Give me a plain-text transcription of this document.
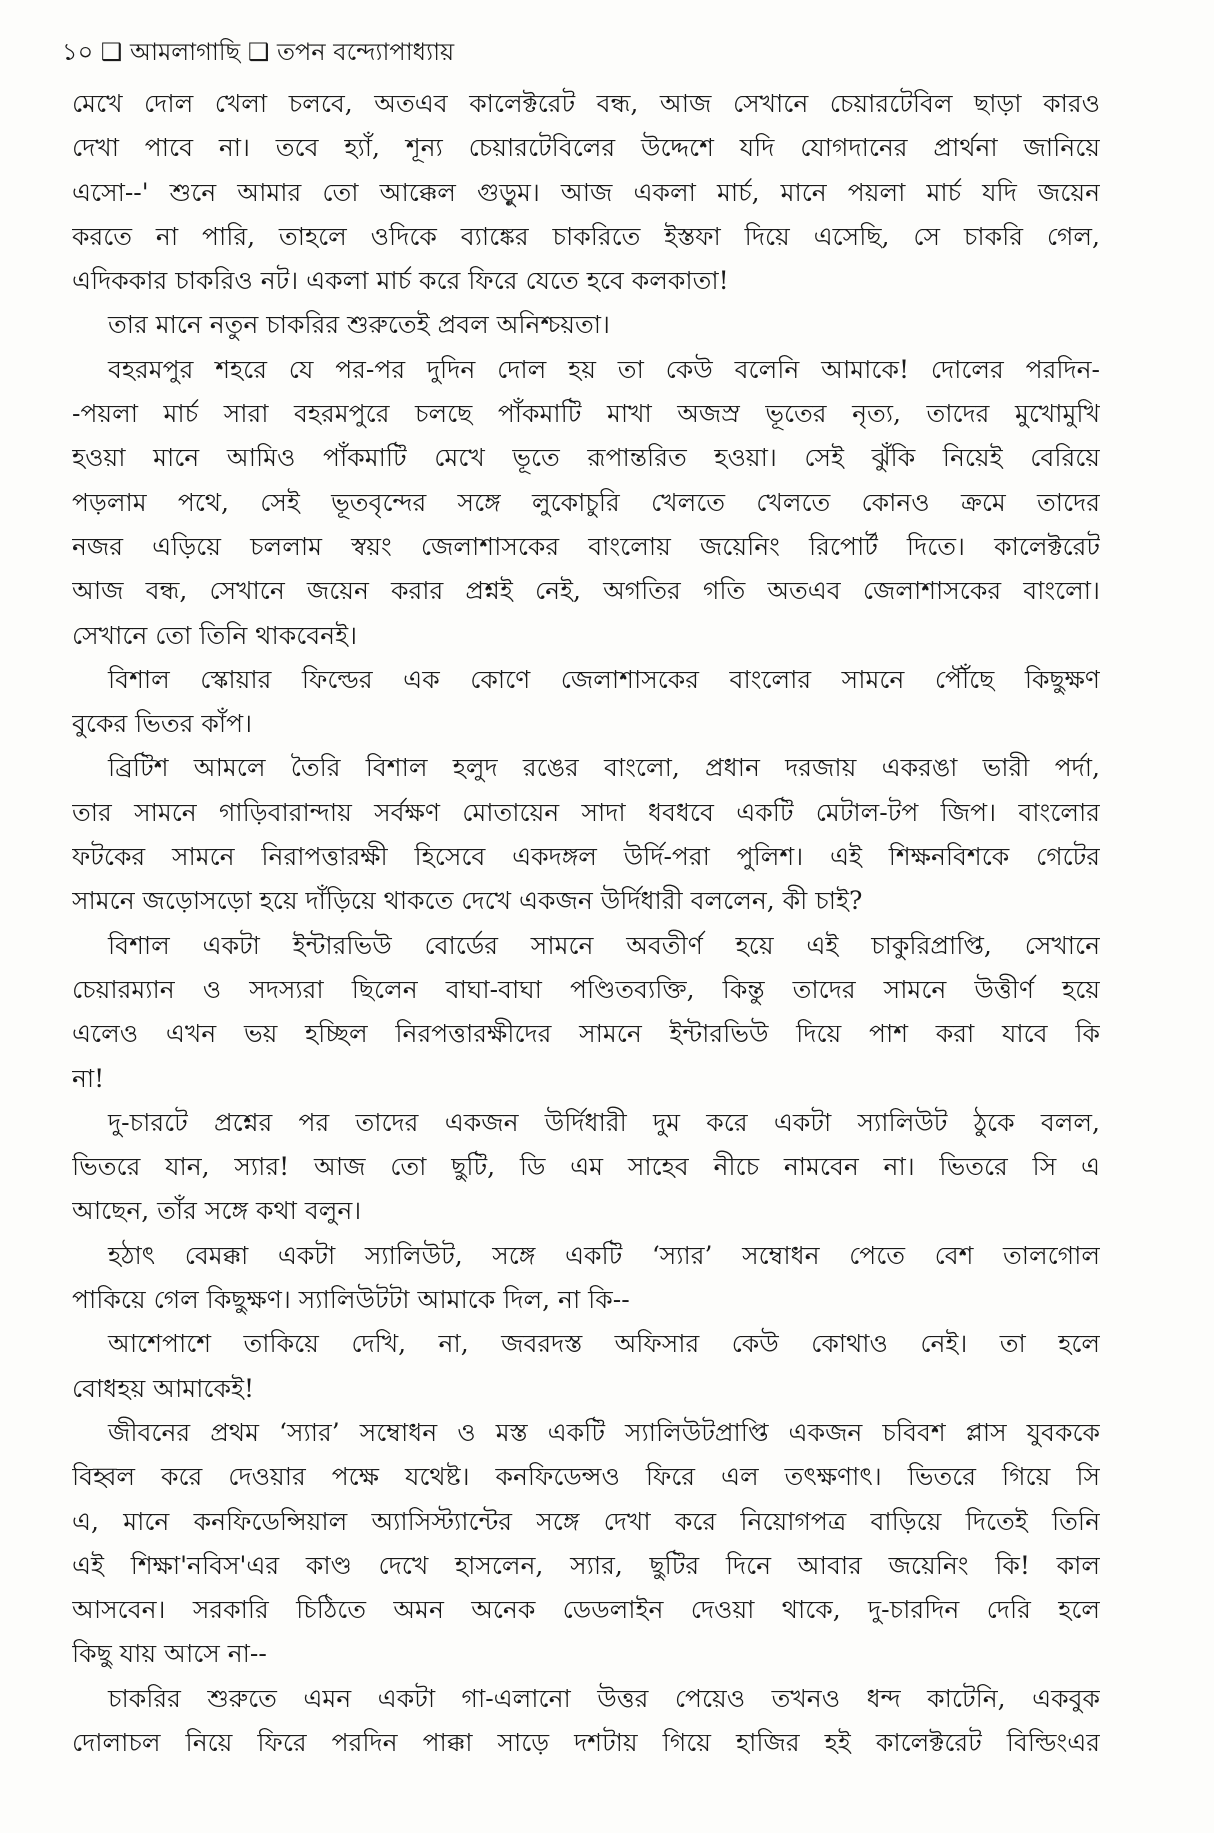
১০ ❑ আমলাগাছি ❑ তপন বন্দ্যোপাধ্যায়
মেখে দোল খেলা চলবে, অতএব কালেক্টরেট বন্ধ, আজ সেখানে চেয়ারটেবিল ছাড়া কারও
দেখা পাবে না। তবে হ্যাঁ, শূন্য চেয়ারটেবিলের উদ্দেশে যদি যোগদানের প্রার্থনা জানিয়ে
এসো--' শুনে আমার তো আক্কেল গুড়ুম। আজ একলা মার্চ, মানে পয়লা মার্চ যদি জয়েন
করতে না পারি, তাহলে ওদিকে ব্যাঙ্কের চাকরিতে ইস্তফা দিয়ে এসেছি, সে চাকরি গেল,
এদিককার চাকরিও নট। একলা মার্চ করে ফিরে যেতে হবে কলকাতা!
তার মানে নতুন চাকরির শুরুতেই প্রবল অনিশ্চয়তা।
বহরমপুর শহরে যে পর-পর দুদিন দোল হয় তা কেউ বলেনি আমাকে! দোলের পরদিন-
-পয়লা মার্চ সারা বহরমপুরে চলছে পাঁকমাটি মাখা অজস্র ভূতের নৃত্য, তাদের মুখোমুখি
হওয়া মানে আমিও পাঁকমাটি মেখে ভূতে রূপান্তরিত হওয়া। সেই ঝুঁকি নিয়েই বেরিয়ে
পড়লাম পথে, সেই ভূতবৃন্দের সঙ্গে লুকোচুরি খেলতে খেলতে কোনও ক্রমে তাদের
নজর এড়িয়ে চললাম স্বয়ং জেলাশাসকের বাংলোয় জয়েনিং রিপোর্ট দিতে। কালেক্টরেট
আজ বন্ধ, সেখানে জয়েন করার প্রশ্নই নেই, অগতির গতি অতএব জেলাশাসকের বাংলো।
সেখানে তো তিনি থাকবেনই।
বিশাল স্কোয়ার ফিল্ডের এক কোণে জেলাশাসকের বাংলোর সামনে পৌঁছে কিছুক্ষণ
বুকের ভিতর কাঁপ।
ব্রিটিশ আমলে তৈরি বিশাল হলুদ রঙের বাংলো, প্রধান দরজায় একরঙা ভারী পর্দা,
তার সামনে গাড়িবারান্দায় সর্বক্ষণ মোতায়েন সাদা ধবধবে একটি মেটাল-টপ জিপ। বাংলোর
ফটকের সামনে নিরাপত্তারক্ষী হিসেবে একদঙ্গল উর্দি-পরা পুলিশ। এই শিক্ষনবিশকে গেটের
সামনে জড়োসড়ো হয়ে দাঁড়িয়ে থাকতে দেখে একজন উর্দিধারী বললেন, কী চাই?
বিশাল একটা ইন্টারভিউ বোর্ডের সামনে অবতীর্ণ হয়ে এই চাকুরিপ্রাপ্তি, সেখানে
চেয়ারম্যান ও সদস্যরা ছিলেন বাঘা-বাঘা পণ্ডিতব্যক্তি, কিন্তু তাদের সামনে উত্তীর্ণ হয়ে
এলেও এখন ভয় হচ্ছিল নিরপত্তারক্ষীদের সামনে ইন্টারভিউ দিয়ে পাশ করা যাবে কি
না!
দু-চারটে প্রশ্নের পর তাদের একজন উর্দিধারী দুম করে একটা স্যালিউট ঠুকে বলল,
ভিতরে যান, স্যার! আজ তো ছুটি, ডি এম সাহেব নীচে নামবেন না। ভিতরে সি এ
আছেন, তাঁর সঙ্গে কথা বলুন।
হঠাৎ বেমক্কা একটা স্যালিউট, সঙ্গে একটি ‘স্যার’ সম্বোধন পেতে বেশ তালগোল
পাকিয়ে গেল কিছুক্ষণ। স্যালিউটটা আমাকে দিল, না কি--
আশেপাশে তাকিয়ে দেখি, না, জবরদস্ত অফিসার কেউ কোথাও নেই। তা হলে
বোধহয় আমাকেই!
জীবনের প্রথম ‘স্যার’ সম্বোধন ও মস্ত একটি স্যালিউটপ্রাপ্তি একজন চবিবশ প্লাস যুবককে
বিহ্বল করে দেওয়ার পক্ষে যথেষ্ট। কনফিডেন্সও ফিরে এল তৎক্ষণাৎ। ভিতরে গিয়ে সি
এ, মানে কনফিডেন্সিয়াল অ্যাসিস্ট্যান্টের সঙ্গে দেখা করে নিয়োগপত্র বাড়িয়ে দিতেই তিনি
এই শিক্ষা'নবিস'এর কাণ্ড দেখে হাসলেন, স্যার, ছুটির দিনে আবার জয়েনিং কি! কাল
আসবেন। সরকারি চিঠিতে অমন অনেক ডেডলাইন দেওয়া থাকে, দু-চারদিন দেরি হলে
কিছু যায় আসে না--
চাকরির শুরুতে এমন একটা গা-এলানো উত্তর পেয়েও তখনও ধন্দ কাটেনি, একবুক
দোলাচল নিয়ে ফিরে পরদিন পাক্কা সাড়ে দশটায় গিয়ে হাজির হই কালেক্টরেট বিল্ডিংএর
